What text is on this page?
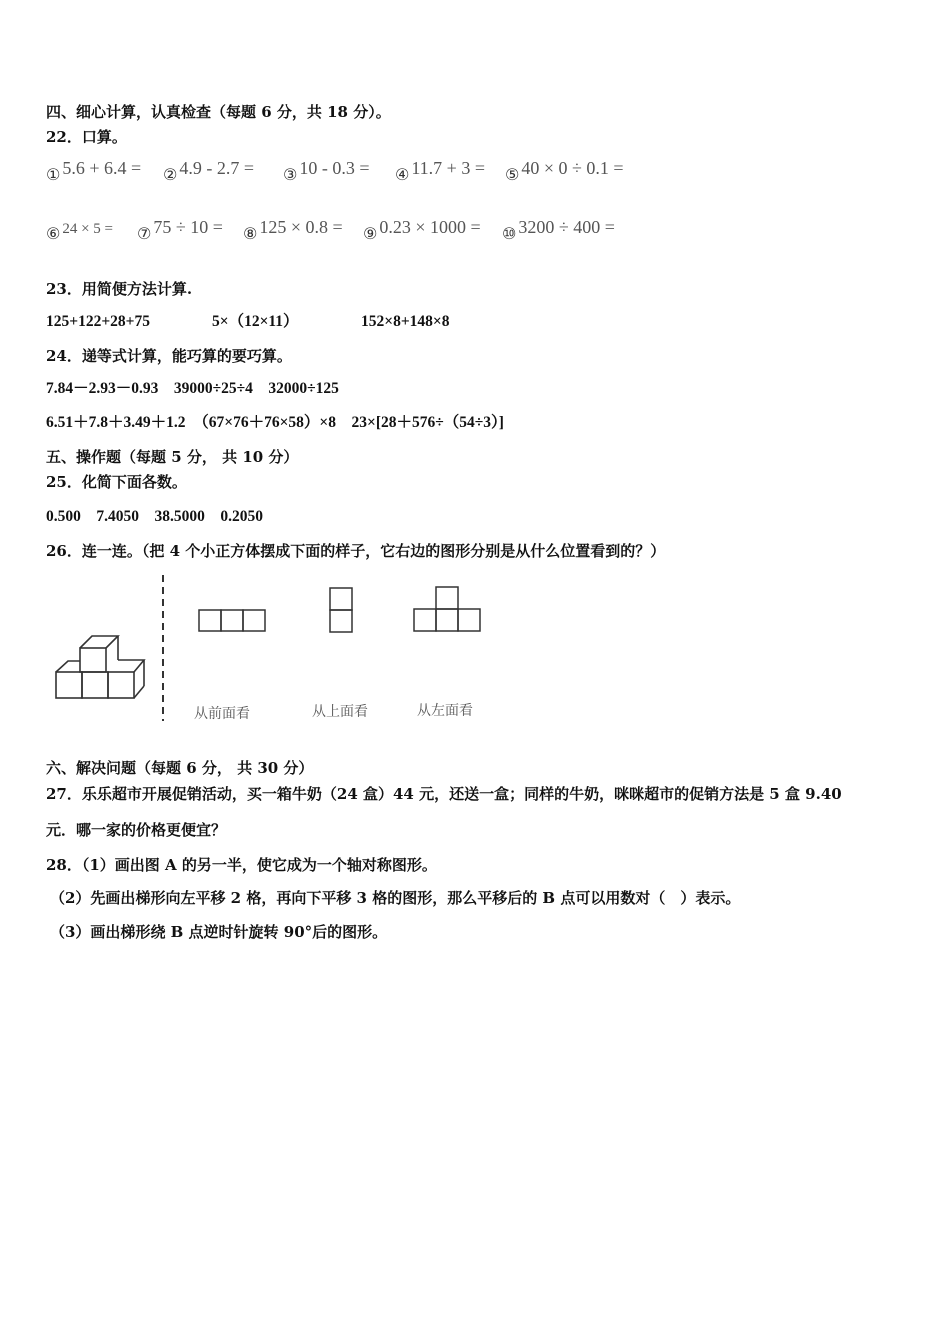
四、细心计算，认真检查（每题 6 分，共 18 分）。
22．口算。
① 5.6 + 6.4 = ② 4.9 - 2.7 = ③ 10 - 0.3 = ④ 11.7 + 3 = ⑤ 40 × 0 ÷ 0.1 =
⑥ 24 × 5 = ⑦ 75 ÷ 10 = ⑧ 125 × 0.8 = ⑨ 0.23 × 1000 = ⑩ 3200 ÷ 400 =
23．用简便方法计算.
125+122+28+75	5×（12×11）	152×8+148×8
24．递等式计算，能巧算的要巧算。
7.84－2.93－0.93　39000÷25÷4　32000÷125
6.51＋7.8＋3.49＋1.2　（67×76＋76×58）×8　23×[28＋576÷（54÷3）]
五、操作题（每题 5 分， 共 10 分）
25．化简下面各数。
0.500　7.4050　38.5000　0.2050
26．连一连。（把 4 个小正方体摆成下面的样子，它右边的图形分别是从什么位置看到的？）
从前面看	从上面看	从左面看
六、解决问题（每题 6 分， 共 30 分）
27．乐乐超市开展促销活动，买一箱牛奶（24 盒）44 元，还送一盒；同样的牛奶，咪咪超市的促销方法是 5 盒 9.40
元．哪一家的价格更便宜？
28．（1）画出图 A 的另一半，使它成为一个轴对称图形。
（2）先画出梯形向左平移 2 格，再向下平移 3 格的图形，那么平移后的 B 点可以用数对（　）表示。
（3）画出梯形绕 B 点逆时针旋转 90°后的图形。
